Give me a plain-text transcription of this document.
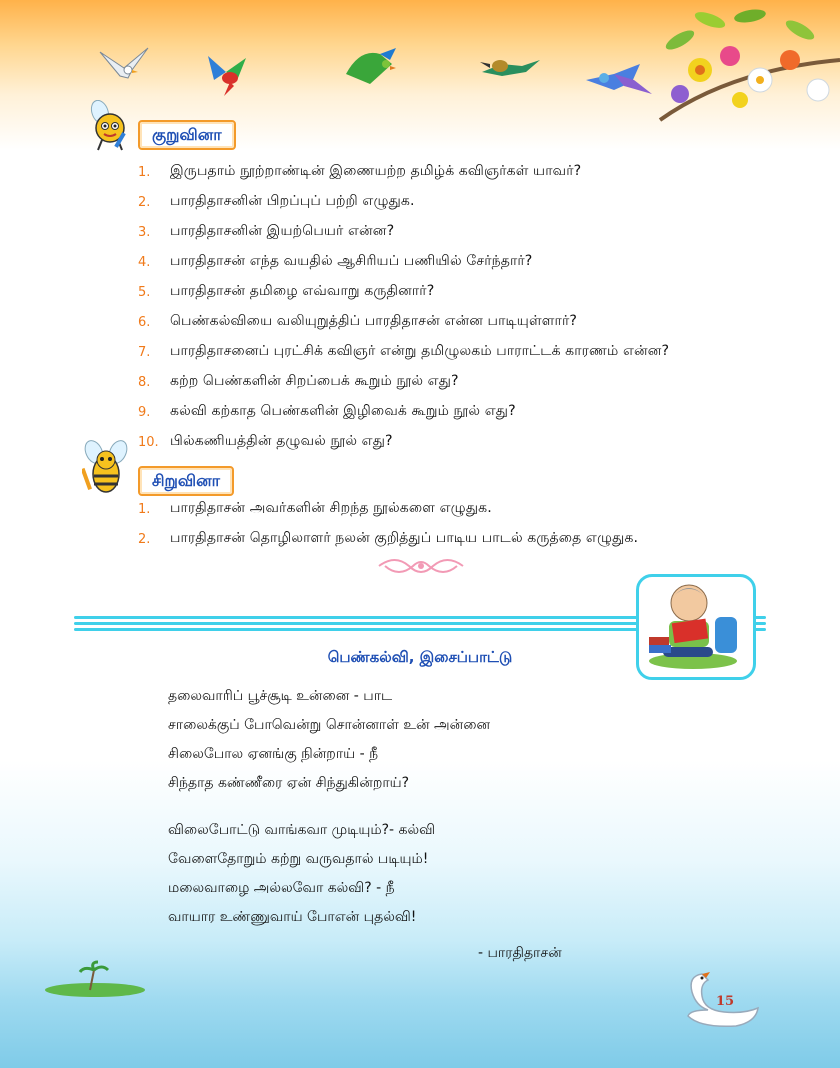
குறுவினா
1.	இருபதாம் நூற்றாண்டின் இணையற்ற தமிழ்க் கவிஞர்கள் யாவர்?
2.	பாரதிதாசனின் பிறப்புப் பற்றி எழுதுக.
3.	பாரதிதாசனின் இயற்பெயர் என்ன?
4.	பாரதிதாசன் எந்த வயதில் ஆசிரியப் பணியில் சேர்ந்தார்?
5.	பாரதிதாசன் தமிழை எவ்வாறு கருதினார்?
6.	பெண்கல்வியை வலியுறுத்திப் பாரதிதாசன் என்ன பாடியுள்ளார்?
7.	பாரதிதாசனைப் புரட்சிக் கவிஞர் என்று தமிழுலகம் பாராட்டக் காரணம் என்ன?
8.	கற்ற பெண்களின் சிறப்பைக் கூறும் நூல் எது?
9.	கல்வி கற்காத பெண்களின் இழிவைக் கூறும் நூல் எது?
10. பில்கணியத்தின் தழுவல் நூல் எது?
சிறுவினா
1.	பாரதிதாசன் அவர்களின் சிறந்த நூல்களை எழுதுக.
2.	பாரதிதாசன் தொழிலாளர் நலன் குறித்துப் பாடிய பாடல் கருத்தை எழுதுக.
பெண்கல்வி, இசைப்பாட்டு
தலைவாரிப் பூச்சூடி உன்னை - பாட
சாலைக்குப் போவென்று சொன்னாள் உன் அன்னை
சிலைபோல ஏனங்கு நின்றாய் - நீ
சிந்தாத கண்ணீரை ஏன் சிந்துகின்றாய்?
விலைபோட்டு வாங்கவா முடியும்?- கல்வி
வேளைதோறும் கற்று வருவதால் படியும்!
மலைவாழை அல்லவோ கல்வி? - நீ
வாயார உண்ணுவாய் போஎன் புதல்வி!
- பாரதிதாசன்
15
